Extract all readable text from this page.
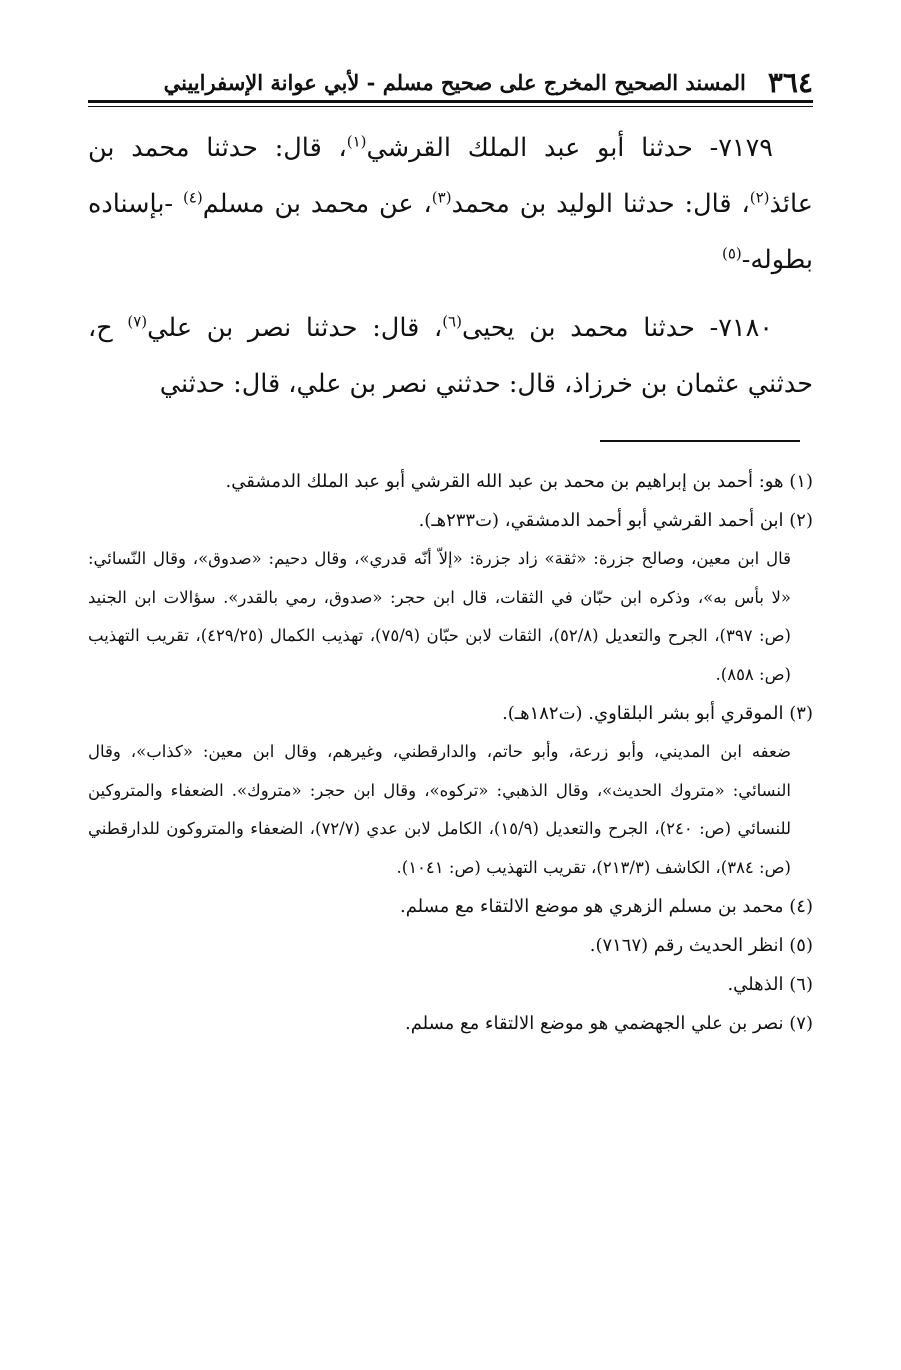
٣٦٤
المسند الصحيح المخرج على صحيح مسلم - لأبي عوانة الإسفراييني

٧١٧٩- حدثنا أبو عبد الملك القرشي$^{(١)}$، قال: حدثنا محمد بن عائذ$^{(٢)}$، قال: حدثنا الوليد بن محمد$^{(٣)}$، عن محمد بن مسلم$^{(٤)}$ -بإسناده بطوله-$^{(٥)}$

٧١٨٠- حدثنا محمد بن يحيى$^{(٦)}$، قال: حدثنا نصر بن علي$^{(٧)}$ ح، حدثني عثمان بن خرزاذ، قال: حدثني نصر بن علي، قال: حدثني

(١) هو: أحمد بن إبراهيم بن محمد بن عبد الله القرشي أبو عبد الملك الدمشقي.

(٢) ابن أحمد القرشي أبو أحمد الدمشقي، (ت٢٣٣هـ).

قال ابن معين، وصالح جزرة: «ثقة» زاد جزرة: «إلاّ أنّه قدري»، وقال دحيم: «صدوق»، وقال النّسائي: «لا بأس به»، وذكره ابن حبّان في الثقات، قال ابن حجر: «صدوق، رمي بالقدر». سؤالات ابن الجنيد (ص: ٣٩٧)، الجرح والتعديل (٥٢/٨)، الثقات لابن حبّان (٧٥/٩)، تهذيب الكمال (٤٢٩/٢٥)، تقريب التهذيب (ص: ٨٥٨).

(٣) الموقري أبو بشر البلقاوي. (ت١٨٢هـ).

ضعفه ابن المديني، وأبو زرعة، وأبو حاتم، والدارقطني، وغيرهم، وقال ابن معين: «كذاب»، وقال النسائي: «متروك الحديث»، وقال الذهبي: «تركوه»، وقال ابن حجر: «متروك». الضعفاء والمتروكين للنسائي (ص: ٢٤٠)، الجرح والتعديل (١٥/٩)، الكامل لابن عدي (٧٢/٧)، الضعفاء والمتروكون للدارقطني (ص: ٣٨٤)، الكاشف (٢١٣/٣)، تقريب التهذيب (ص: ١٠٤١).

(٤) محمد بن مسلم الزهري هو موضع الالتقاء مع مسلم.

(٥) انظر الحديث رقم (٧١٦٧).

(٦) الذهلي.

(٧) نصر بن علي الجهضمي هو موضع الالتقاء مع مسلم.
